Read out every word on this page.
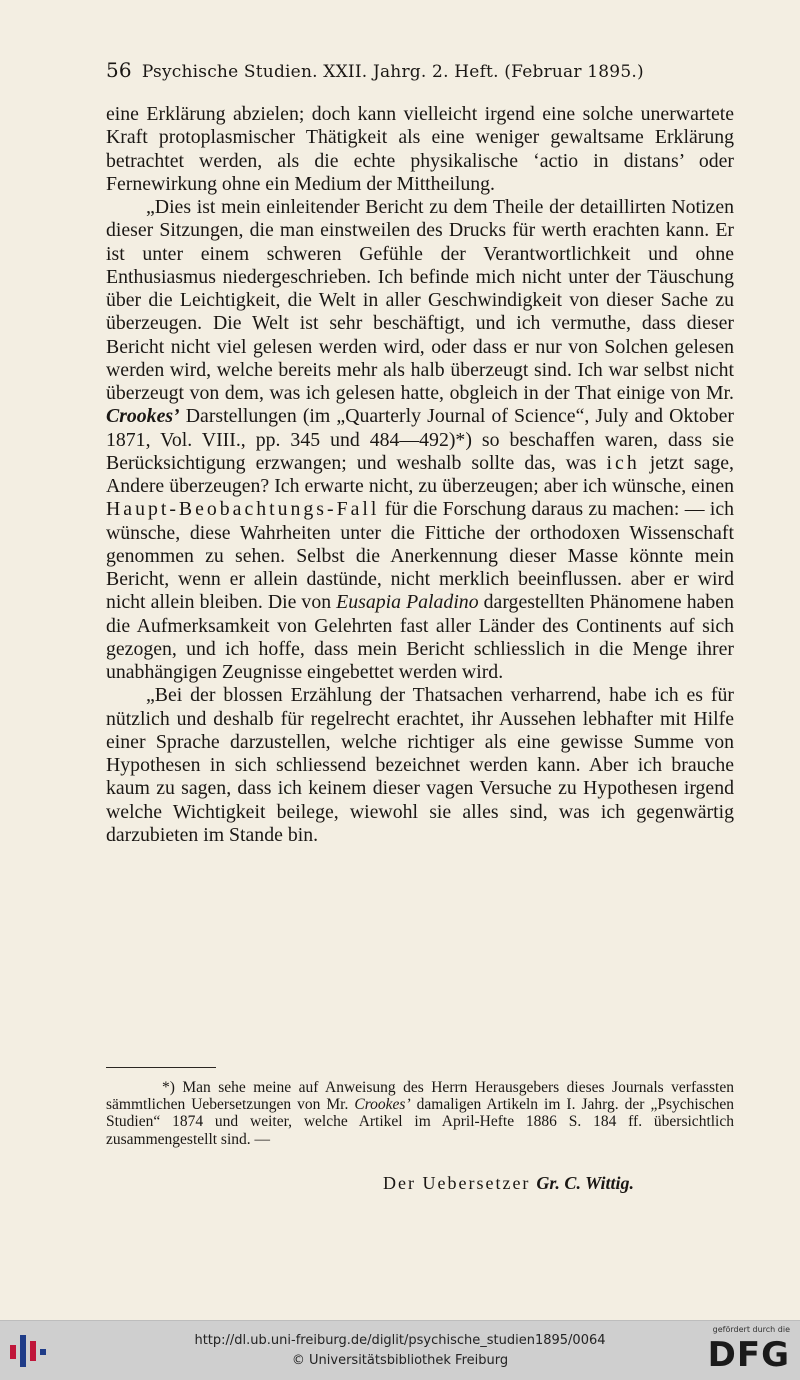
56 Psychische Studien. XXII. Jahrg. 2. Heft. (Februar 1895.)

eine Erklärung abzielen; doch kann vielleicht irgend eine solche unerwartete Kraft protoplasmischer Thätigkeit als eine weniger gewaltsame Erklärung betrachtet werden, als die echte physikalische ‘actio in distans’ oder Fernewirkung ohne ein Medium der Mittheilung.

„Dies ist mein einleitender Bericht zu dem Theile der detaillirten Notizen dieser Sitzungen, die man einstweilen des Drucks für werth erachten kann. Er ist unter einem schweren Gefühle der Verantwortlichkeit und ohne Enthusiasmus niedergeschrieben. Ich befinde mich nicht unter der Täuschung über die Leichtigkeit, die Welt in aller Geschwindigkeit von dieser Sache zu überzeugen. Die Welt ist sehr beschäftigt, und ich vermuthe, dass dieser Bericht nicht viel gelesen werden wird, oder dass er nur von Solchen gelesen werden wird, welche bereits mehr als halb überzeugt sind. Ich war selbst nicht überzeugt von dem, was ich gelesen hatte, obgleich in der That einige von Mr. Crookes’ Darstellungen (im „Quarterly Journal of Science“, July and Oktober 1871, Vol. VIII., pp. 345 und 484—492)*) so beschaffen waren, dass sie Berücksichtigung erzwangen; und weshalb sollte das, was ich jetzt sage, Andere überzeugen? Ich erwarte nicht, zu überzeugen; aber ich wünsche, einen Haupt-Beobachtungs-Fall für die Forschung daraus zu machen: — ich wünsche, diese Wahrheiten unter die Fittiche der orthodoxen Wissenschaft genommen zu sehen. Selbst die Anerkennung dieser Masse könnte mein Bericht, wenn er allein dastünde, nicht merklich beeinflussen. aber er wird nicht allein bleiben. Die von Eusapia Paladino dargestellten Phänomene haben die Aufmerksamkeit von Gelehrten fast aller Länder des Continents auf sich gezogen, und ich hoffe, dass mein Bericht schliesslich in die Menge ihrer unabhängigen Zeugnisse eingebettet werden wird.

„Bei der blossen Erzählung der Thatsachen verharrend, habe ich es für nützlich und deshalb für regelrecht erachtet, ihr Aussehen lebhafter mit Hilfe einer Sprache darzustellen, welche richtiger als eine gewisse Summe von Hypothesen in sich schliessend bezeichnet werden kann. Aber ich brauche kaum zu sagen, dass ich keinem dieser vagen Versuche zu Hypothesen irgend welche Wichtigkeit beilege, wiewohl sie alles sind, was ich gegenwärtig darzubieten im Stande bin.

*) Man sehe meine auf Anweisung des Herrn Herausgebers dieses Journals verfassten sämmtlichen Uebersetzungen von Mr. Crookes’ damaligen Artikeln im I. Jahrg. der „Psychischen Studien“ 1874 und weiter, welche Artikel im April-Hefte 1886 S. 184 ff. übersichtlich zusammengestellt sind. —

Der Uebersetzer Gr. C. Wittig.
http://dl.ub.uni-freiburg.de/diglit/psychische_studien1895/0064
© Universitätsbibliothek Freiburg
gefördert durch die
DFG
